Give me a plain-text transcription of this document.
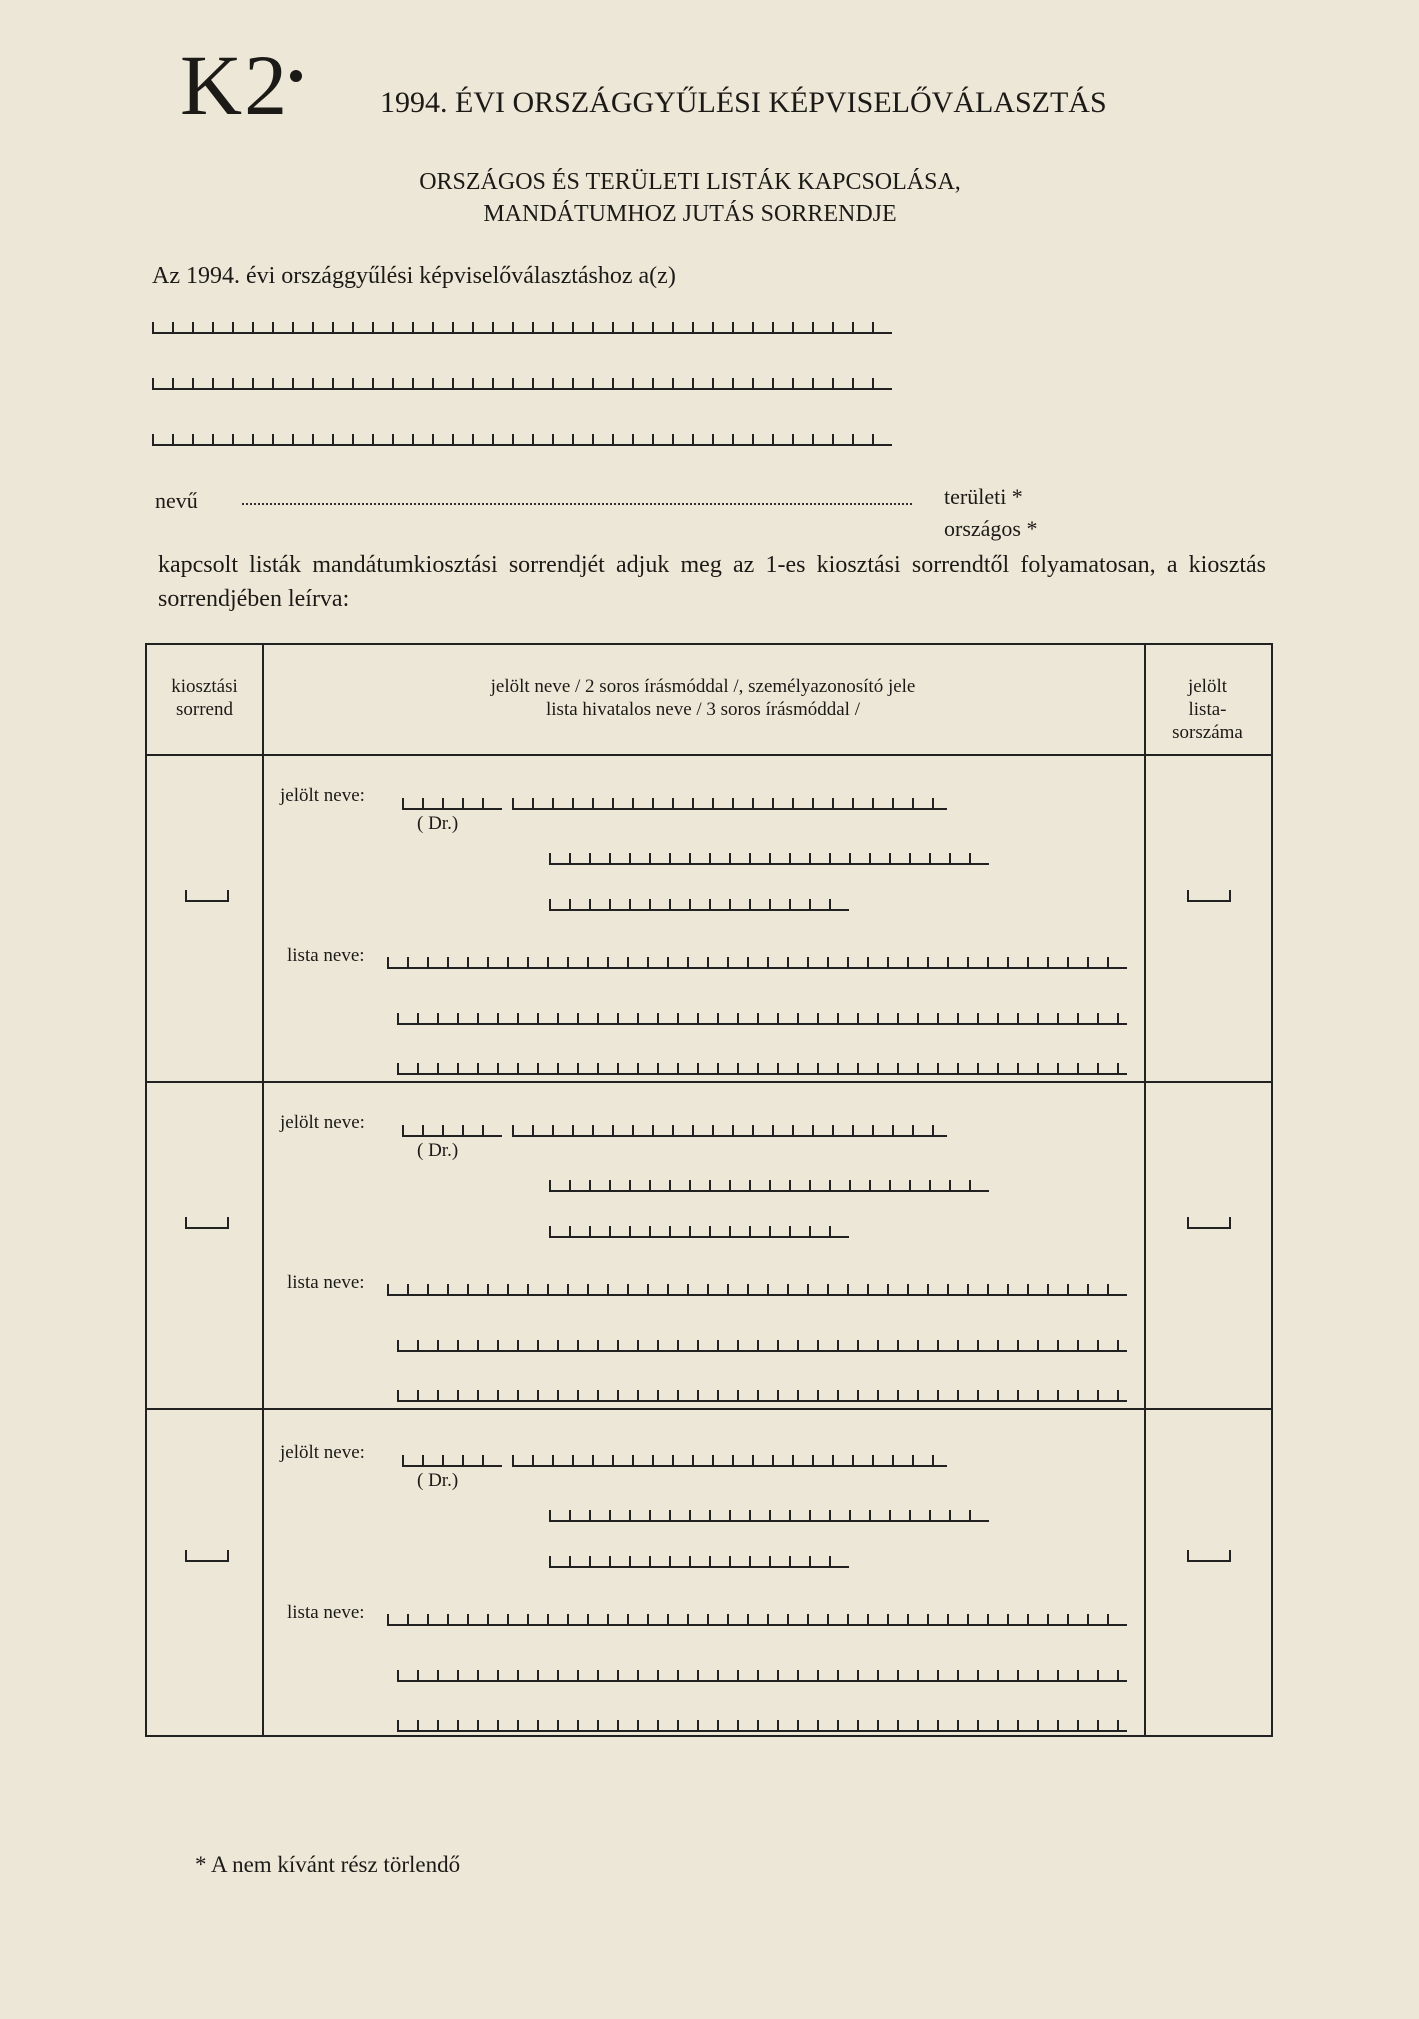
K2	1994. ÉVI ORSZÁGGYŰLÉSI KÉPVISELŐVÁLASZTÁS
ORSZÁGOS ÉS TERÜLETI LISTÁK KAPCSOLÁSA,
MANDÁTUMHOZ JUTÁS SORRENDJE
Az 1994. évi országgyűlési képviselőválasztáshoz a(z)
nevű	területi *
országos *
kapcsolt listák mandátumkiosztási sorrendjét adjuk meg az 1-es kiosztási sorrendtől folyamatosan, a kiosztás sorrendjében leírva:
kiosztási
sorrend
jelölt neve / 2 soros írásmóddal /, személyazonosító jele
lista hivatalos neve / 3 soros írásmóddal /
jelölt
lista-
sorszáma
jelölt neve:
( Dr.)
lista neve:
jelölt neve:
( Dr.)
lista neve:
jelölt neve:
( Dr.)
lista neve:
* A nem kívánt rész törlendő
